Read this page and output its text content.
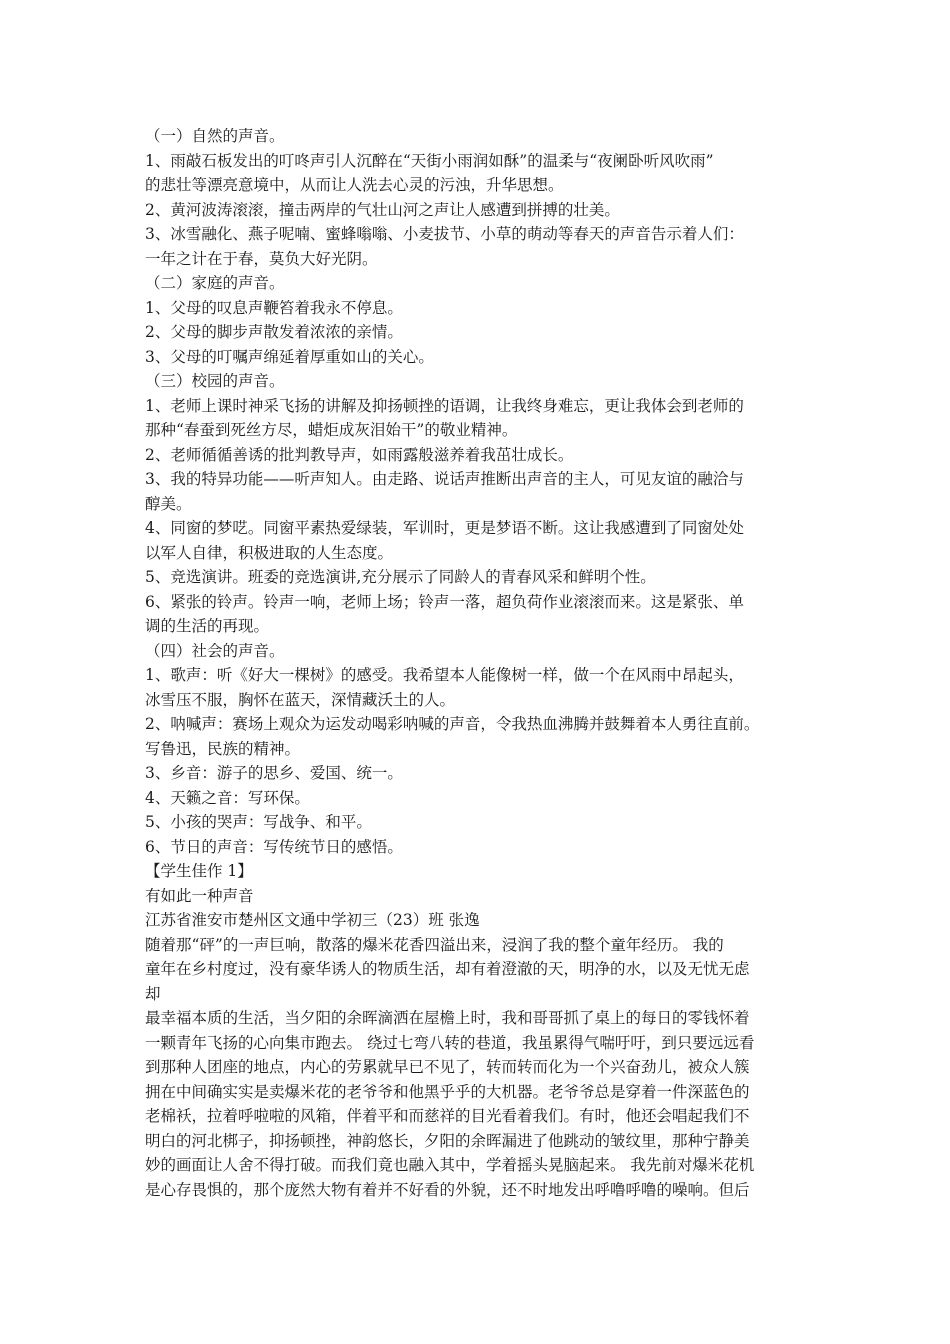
（一）自然的声音。
1、雨敲石板发出的叮咚声引人沉醉在“天街小雨润如酥”的温柔与“夜阑卧听风吹雨”
的悲壮等漂亮意境中，从而让人洗去心灵的污浊，升华思想。
2、黄河波涛滚滚，撞击两岸的气壮山河之声让人感遭到拼搏的壮美。
3、冰雪融化、燕子呢喃、蜜蜂嗡嗡、小麦拔节、小草的萌动等春天的声音告示着人们：
一年之计在于春，莫负大好光阴。
（二）家庭的声音。
1、父母的叹息声鞭笞着我永不停息。
2、父母的脚步声散发着浓浓的亲情。
3、父母的叮嘱声绵延着厚重如山的关心。
（三）校园的声音。
1、老师上课时神采飞扬的讲解及抑扬顿挫的语调，让我终身难忘，更让我体会到老师的
那种“春蚕到死丝方尽，蜡炬成灰泪始干”的敬业精神。
2、老师循循善诱的批判教导声，如雨露般滋养着我茁壮成长。
3、我的特异功能——听声知人。由走路、说话声推断出声音的主人，可见友谊的融洽与
醇美。
4、同窗的梦呓。同窗平素热爱绿装，军训时，更是梦语不断。这让我感遭到了同窗处处
以军人自律，积极进取的人生态度。
5、竞选演讲。班委的竞选演讲,充分展示了同龄人的青春风采和鲜明个性。
6、紧张的铃声。铃声一响，老师上场；铃声一落，超负荷作业滚滚而来。这是紧张、单
调的生活的再现。
（四）社会的声音。
1、歌声：听《好大一棵树》的感受。我希望本人能像树一样，做一个在风雨中昂起头，
冰雪压不服，胸怀在蓝天，深情藏沃土的人。
2、呐喊声：赛场上观众为运发动喝彩呐喊的声音，令我热血沸腾并鼓舞着本人勇往直前。
写鲁迅，民族的精神。
3、乡音：游子的思乡、爱国、统一。
4、天籁之音：写环保。
5、小孩的哭声：写战争、和平。
6、节日的声音：写传统节日的感悟。
【学生佳作 1】
有如此一种声音
江苏省淮安市楚州区文通中学初三（23）班 张逸
随着那“砰”的一声巨响，散落的爆米花香四溢出来，浸润了我的整个童年经历。 我的
童年在乡村度过，没有豪华诱人的物质生活，却有着澄澈的天，明净的水，以及无忧无虑
却
最幸福本质的生活，当夕阳的余晖滴洒在屋檐上时，我和哥哥抓了桌上的每日的零钱怀着
一颗青年飞扬的心向集市跑去。 绕过七弯八转的巷道，我虽累得气喘吁吁，到只要远远看
到那种人团座的地点，内心的劳累就早已不见了，转而转而化为一个兴奋劲儿，被众人簇
拥在中间确实实是卖爆米花的老爷爷和他黑乎乎的大机器。老爷爷总是穿着一件深蓝色的
老棉袄，拉着呼啦啦的风箱，伴着平和而慈祥的目光看着我们。有时，他还会唱起我们不
明白的河北梆子，抑扬顿挫，神韵悠长，夕阳的余晖漏进了他跳动的皱纹里，那种宁静美
妙的画面让人舍不得打破。而我们竟也融入其中，学着摇头晃脑起来。 我先前对爆米花机
是心存畏惧的，那个庞然大物有着并不好看的外貌，还不时地发出呼噜呼噜的噪响。但后
